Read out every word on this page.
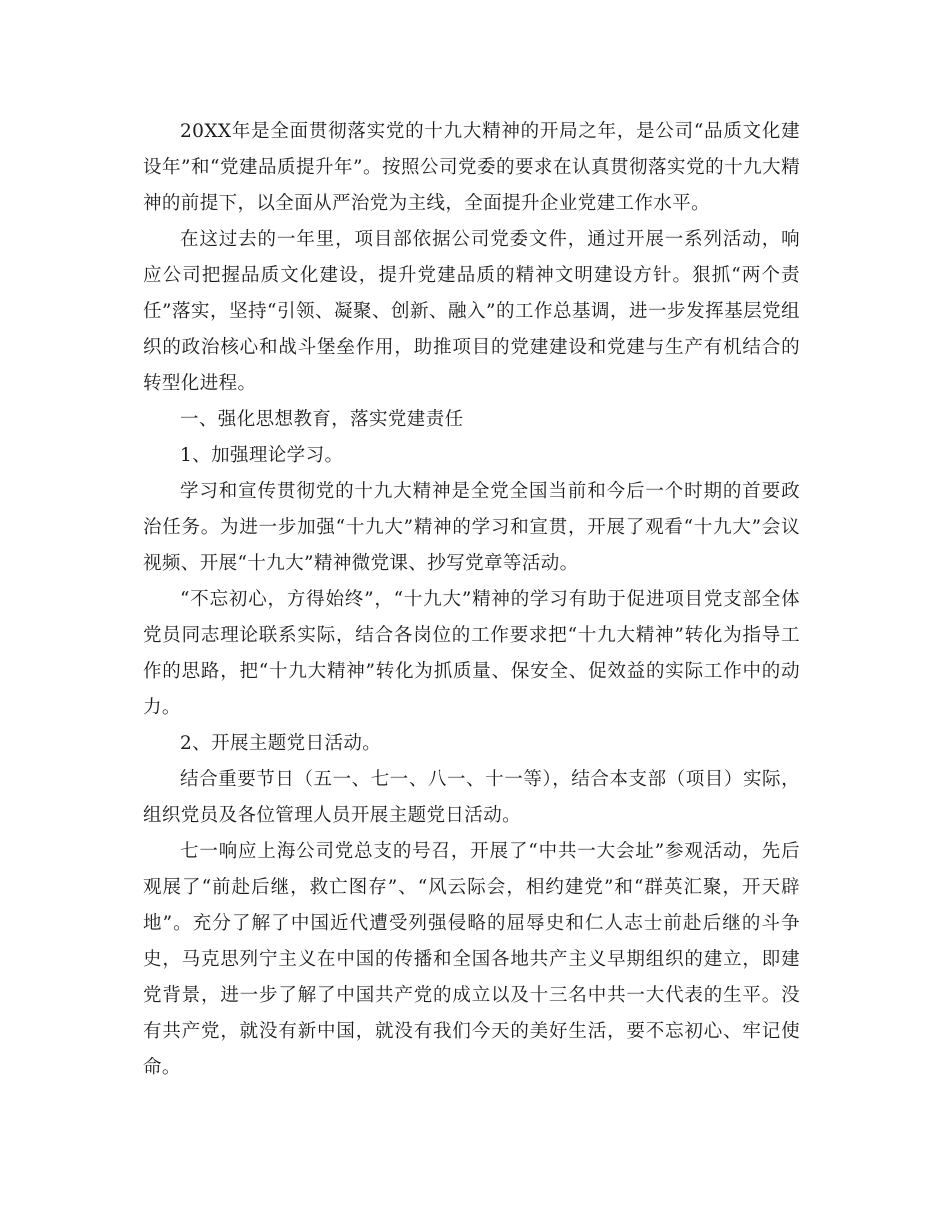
20XX年是全面贯彻落实党的十九大精神的开局之年，是公司“品质文化建设年”和“党建品质提升年”。按照公司党委的要求在认真贯彻落实党的十九大精神的前提下，以全面从严治党为主线，全面提升企业党建工作水平。

在这过去的一年里，项目部依据公司党委文件，通过开展一系列活动，响应公司把握品质文化建设，提升党建品质的精神文明建设方针。狠抓“两个责任”落实，坚持“引领、凝聚、创新、融入”的工作总基调，进一步发挥基层党组织的政治核心和战斗堡垒作用，助推项目的党建建设和党建与生产有机结合的转型化进程。

一、强化思想教育，落实党建责任

1、加强理论学习。

学习和宣传贯彻党的十九大精神是全党全国当前和今后一个时期的首要政治任务。为进一步加强“十九大”精神的学习和宣贯，开展了观看“十九大”会议视频、开展“十九大”精神微党课、抄写党章等活动。

“不忘初心，方得始终”，“十九大”精神的学习有助于促进项目党支部全体党员同志理论联系实际，结合各岗位的工作要求把“十九大精神”转化为指导工作的思路，把“十九大精神”转化为抓质量、保安全、促效益的实际工作中的动力。

2、开展主题党日活动。

结合重要节日（五一、七一、八一、十一等），结合本支部（项目）实际，组织党员及各位管理人员开展主题党日活动。

七一响应上海公司党总支的号召，开展了“中共一大会址”参观活动，先后观展了“前赴后继，救亡图存”、“风云际会，相约建党”和“群英汇聚，开天辟地”。充分了解了中国近代遭受列强侵略的屈辱史和仁人志士前赴后继的斗争史，马克思列宁主义在中国的传播和全国各地共产主义早期组织的建立，即建党背景，进一步了解了中国共产党的成立以及十三名中共一大代表的生平。没有共产党，就没有新中国，就没有我们今天的美好生活，要不忘初心、牢记使命。
